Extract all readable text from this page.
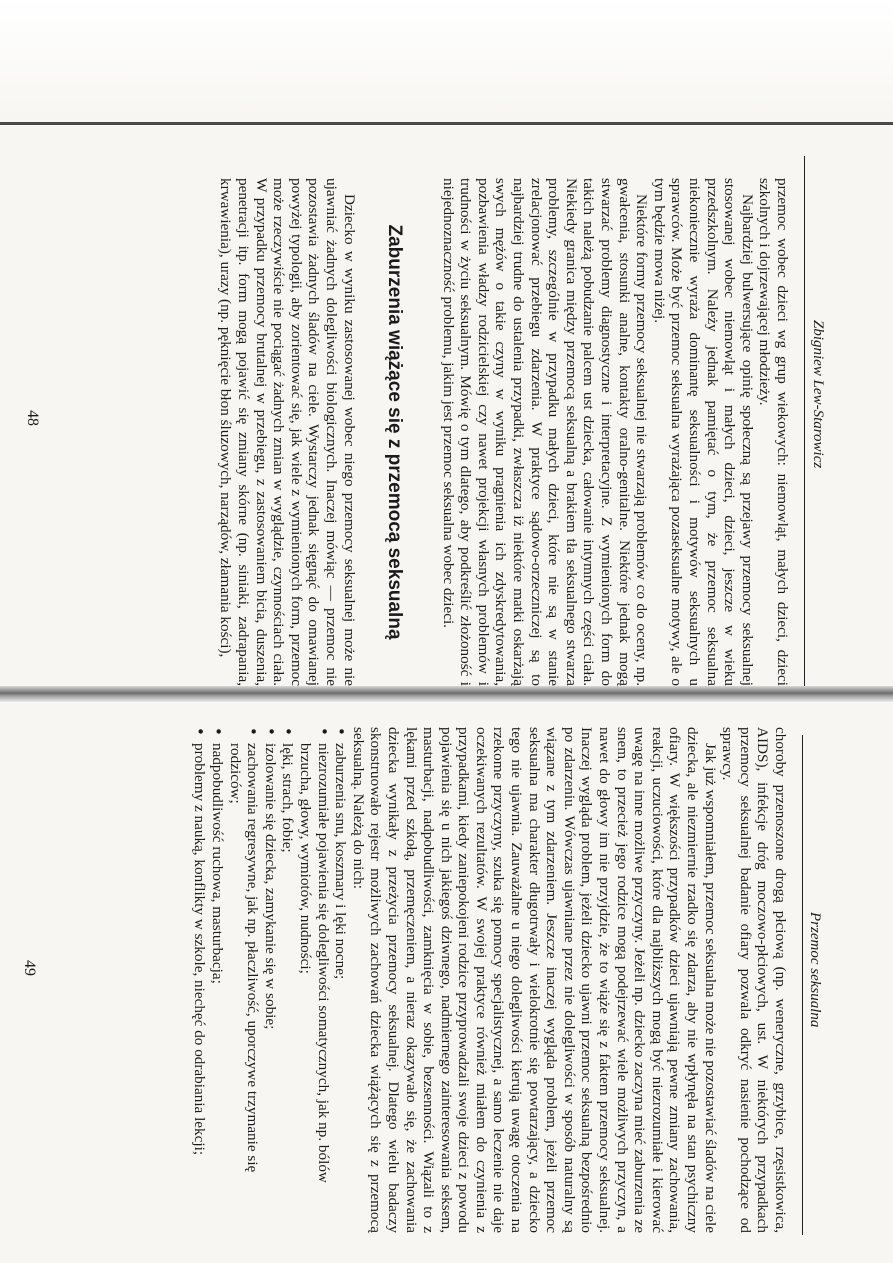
Zbigniew Lew-Starowicz

przemoc wobec dzieci wg grup wiekowych: niemowląt, małych dzieci, dzieci szkolnych i dojrzewającej młodzieży.

Najbardziej bulwersujące opinię społeczną są przejawy przemocy seksualnej stosowanej wobec niemowląt i małych dzieci, dzieci, jeszcze w wieku przedszkolnym. Należy jednak pamiętać o tym, że przemoc seksualna niekoniecznie wyraża dominantę seksualności i motywów seksualnych u sprawców. Może być przemoc seksualna wyrażająca pozaseksualne motywy, ale o tym będzie mowa niżej.

Niektóre formy przemocy seksualnej nie stwarzają problemów co do oceny, np. gwałcenia, stosunki analne, kontakty oralno-genitalne. Niektóre jednak mogą stwarzać problemy diagnostyczne i interpretacyjne. Z wymienionych form do takich należą pobudzanie palcem ust dziecka, całowanie intymnych części ciała. Niekiedy granica między przemocą seksualną a brakiem tła seksualnego stwarza problemy, szczególnie w przypadku małych dzieci, które nie są w stanie zrelacjonować przebiegu zdarzenia. W praktyce sądowo-orzeczniczej są to najbardziej trudne do ustalenia przypadki, zwłaszcza iż niektóre matki oskarżają swych mężów o takie czyny w wyniku pragnienia ich zdyskredytowania, pozbawienia władzy rodzicielskiej czy nawet projekcji własnych problemów i trudności w życiu seksualnym. Mówię o tym dlatego, aby podkreślić złożoność i niejednoznaczność problemu, jakim jest przemoc seksualna wobec dzieci.

Zaburzenia wiążące się z przemocą seksualną

Dziecko w wyniku zastosowanej wobec niego przemocy seksualnej może nie ujawniać żadnych dolegliwości biologicznych. Inaczej mówiąc — przemoc nie pozostawia żadnych śladów na ciele. Wystarczy jednak sięgnąć do omawianej powyżej typologii, aby zorientować się, jak wiele z wymienionych form, przemoc może rzeczywiście nie pociągać żadnych zmian w wyglądzie, czynnościach ciała. W przypadku przemocy brutalnej w przebiegu, z zastosowaniem bicia, duszenia, penetracji itp. form mogą pojawić się zmiany skórne (np. siniaki, zadrapania, krwawienia), urazy (np. pęknięcie błon śluzowych, narządów, złamania kości),

48
Przemoc seksualna

choroby przenoszone drogą płciową (np. weneryczne, grzybice, rzęsistkowica, AIDS), infekcje dróg moczowo-płciowych, ust. W niektórych przypadkach przemocy seksualnej badanie ofiary pozwala odkryć nasienie pochodzące od sprawcy.

Jak już wspomniałem, przemoc seksualna może nie pozostawiać śladów na ciele dziecka, ale niezmiernie rzadko się zdarza, aby nie wpłynęła na stan psychiczny ofiary. W większości przypadków dzieci ujawniają pewne zmiany zachowania, reakcji, uczuciowości, które dla najbliższych mogą być niezrozumiałe i kierować uwagę na inne możliwe przyczyny. Jeżeli np. dziecko zaczyna mieć zaburzenia ze snem, to przecież jego rodzice mogą podejrzewać wiele możliwych przyczyn, a nawet do głowy im nie przyjdzie, że to wiąże się z faktem przemocy seksualnej. Inaczej wygląda problem, jeżeli dziecko ujawni przemoc seksualną bezpośrednio po zdarzeniu. Wówczas ujawniane przez nie dolegliwości w sposób naturalny są wiązane z tym zdarzeniem. Jeszcze inaczej wygląda problem, jeżeli przemoc seksualna ma charakter długotrwały i wielokrotnie się powtarzający, a dziecko tego nie ujawnia. Zauważalne u niego dolegliwości kierują uwagę otoczenia na rzekome przyczyny, szuka się pomocy specjalistycznej, a samo leczenie nie daje oczekiwanych rezultatów. W swojej praktyce również miałem do czynienia z przypadkami, kiedy zaniepokojeni rodzice przyprowadzali swoje dzieci z powodu pojawienia się u nich jakiegoś dziwnego, nadmiernego zainteresowania seksem, masturbacji, nadpobudliwości, zamknięcia w sobie, bezsenności. Wiązali to z lękami przed szkołą, przemęczeniem, a nieraz okazywało się, że zachowania dziecka wynikały z przeżycia przemocy seksualnej. Dlatego wielu badaczy skonstruowało rejestr możliwych zachowań dziecka wiążących się z przemocą seksualną. Należą do nich:

• zaburzenia snu, koszmary i lęki nocne;
• niezrozumiałe pojawienia się dolegliwości somatycznych, jak np. bólów brzucha, głowy, wymiotów, nudności;
• lęki, strach, fobie;
• izolowanie się dziecka, zamykanie się w sobie;
• zachowania regresywne, jak np. płaczliwość, uporczywe trzymanie się rodziców;
• nadpobudliwość ruchowa, masturbacja;
• problemy z nauką, konflikty w szkole, niechęć do odrabiania lekcji;
49
